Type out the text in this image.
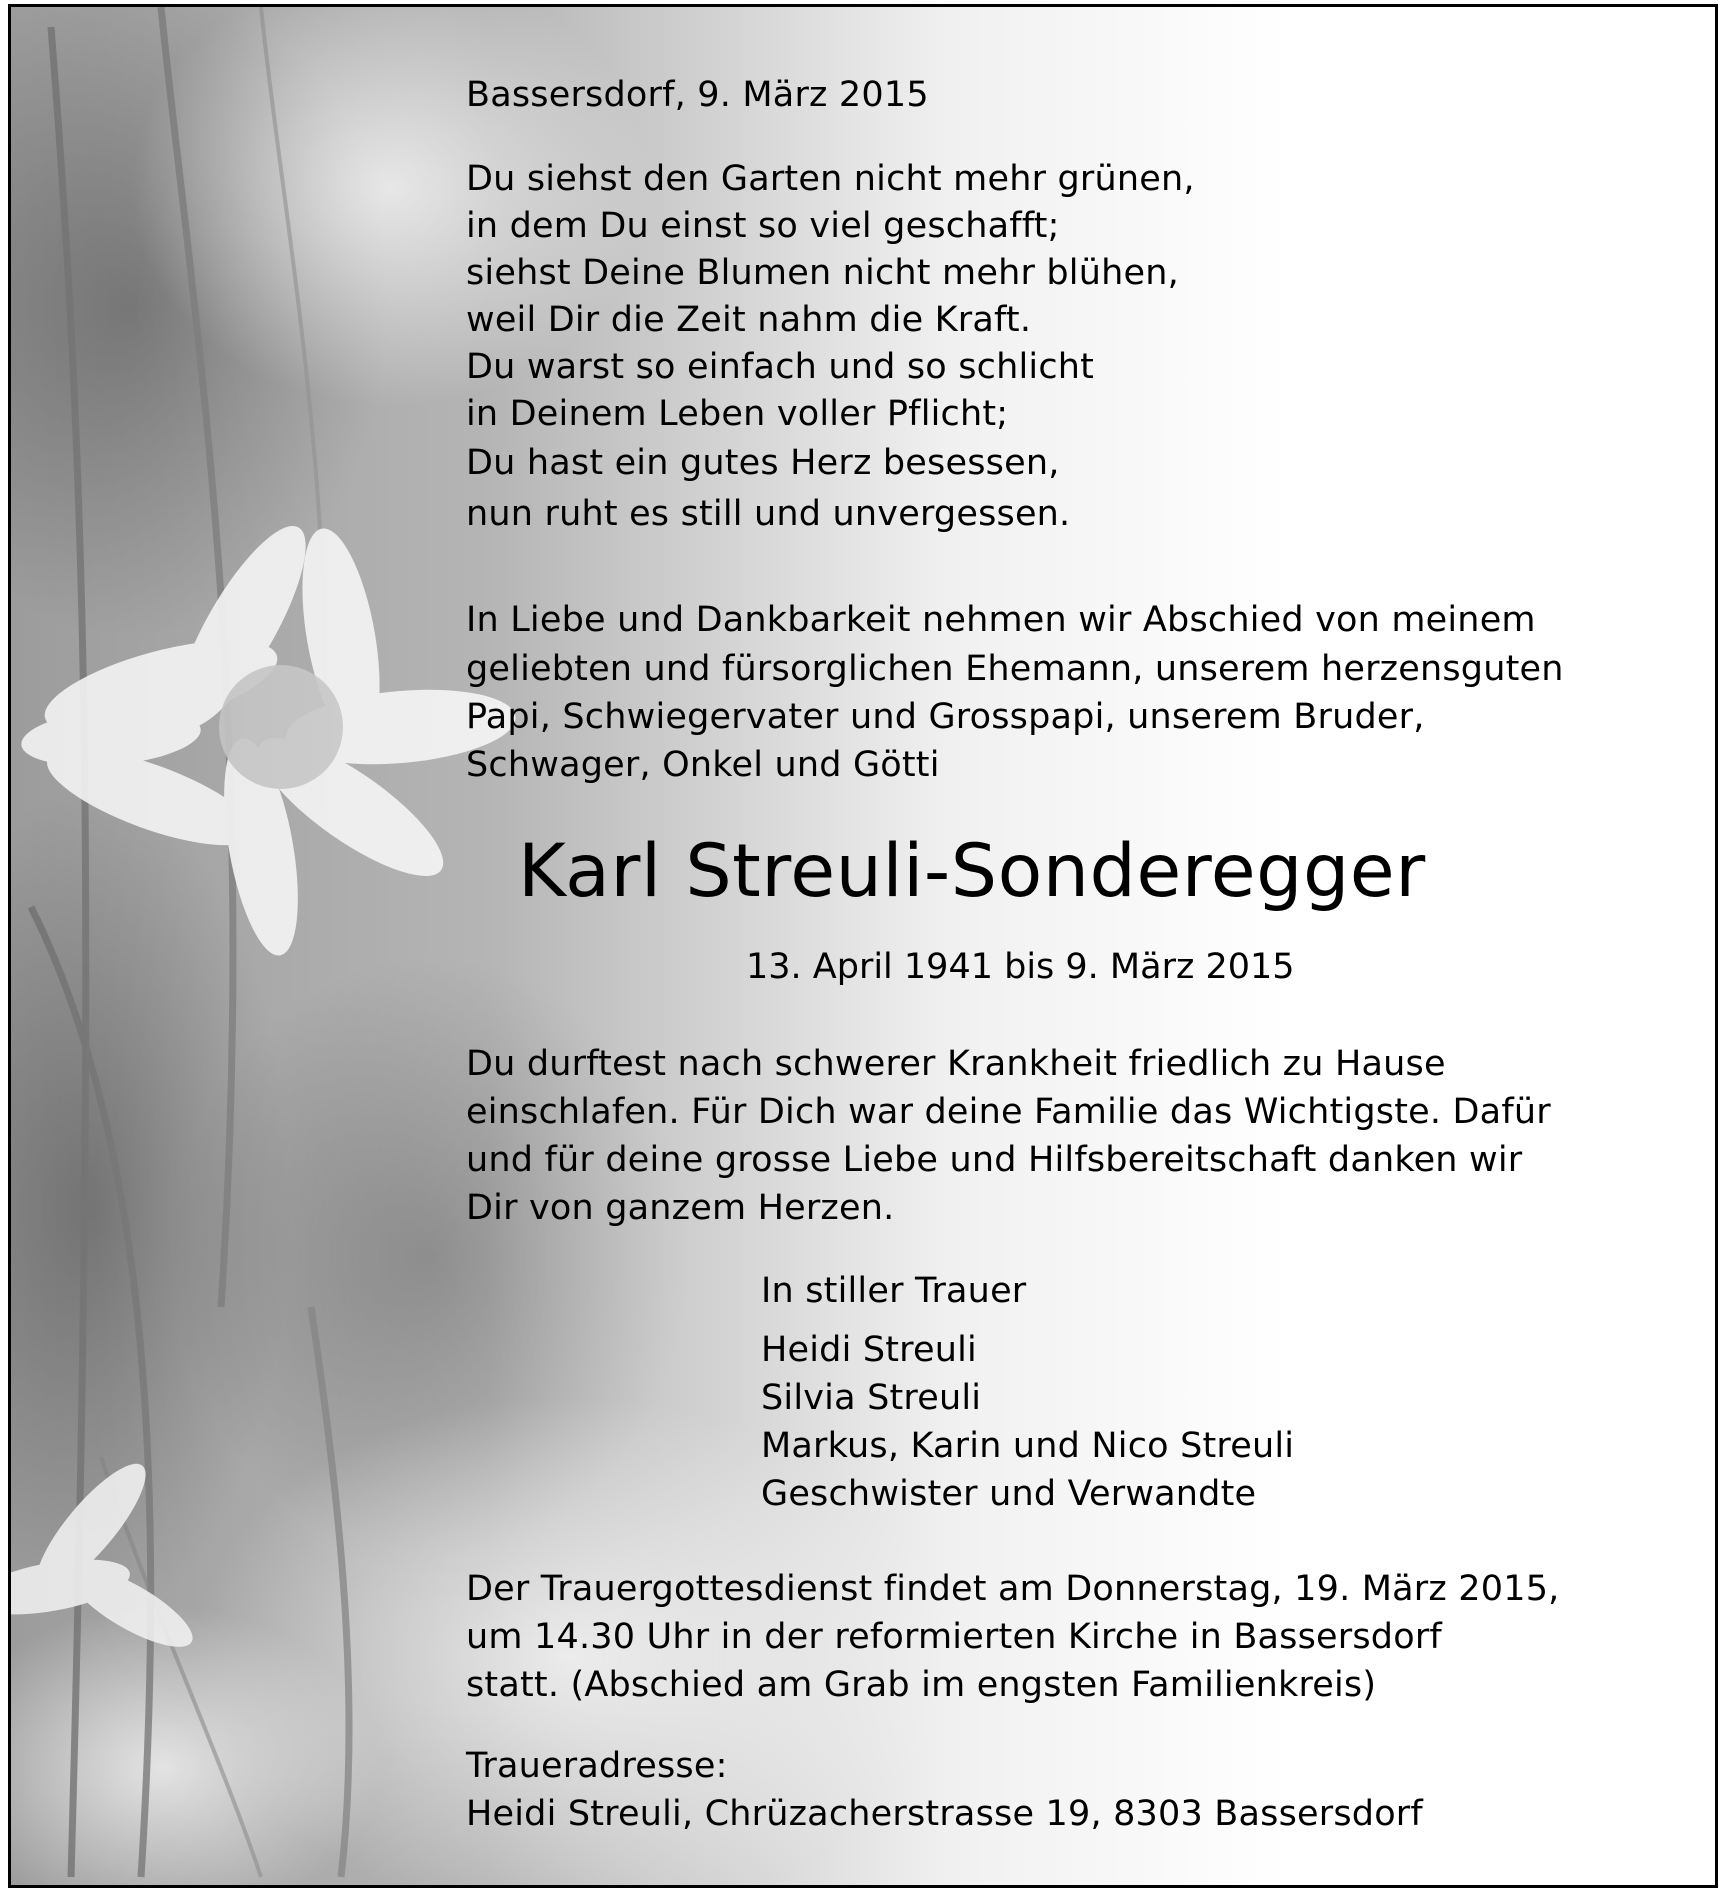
Bassersdorf, 9. März 2015
Du siehst den Garten nicht mehr grünen,
in dem Du einst so viel geschafft;
siehst Deine Blumen nicht mehr blühen,
weil Dir die Zeit nahm die Kraft.
Du warst so einfach und so schlicht
in Deinem Leben voller Pflicht;
Du hast ein gutes Herz besessen,
nun ruht es still und unvergessen.
In Liebe und Dankbarkeit nehmen wir Abschied von meinem
geliebten und fürsorglichen Ehemann, unserem herzensguten
Papi, Schwiegervater und Grosspapi, unserem Bruder,
Schwager, Onkel und Götti
Karl Streuli-Sonderegger
13. April 1941 bis 9. März 2015
Du durftest nach schwerer Krankheit friedlich zu Hause
einschlafen. Für Dich war deine Familie das Wichtigste. Dafür
und für deine grosse Liebe und Hilfsbereitschaft danken wir
Dir von ganzem Herzen.
In stiller Trauer
Heidi Streuli
Silvia Streuli
Markus, Karin und Nico Streuli
Geschwister und Verwandte
Der Trauergottesdienst findet am Donnerstag, 19. März 2015,
um 14.30 Uhr in der reformierten Kirche in Bassersdorf
statt. (Abschied am Grab im engsten Familienkreis)
Traueradresse:
Heidi Streuli, Chrüzacherstrasse 19, 8303 Bassersdorf
